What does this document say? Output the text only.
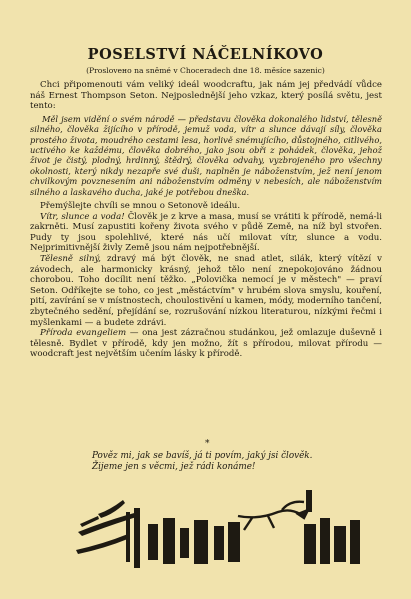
POSELSTVÍ NÁČELNÍKOVO
(Proslovено na sněmé v Choceradech dne 18. měsíce sazenic)

Chci připomenouti vám veliký ideál woodcraftu, jak nám jej předvádí vůdce náš Ernest Thompson Seton. Nejposlednější jeho vzkaz, který posílá světu, jest tento:

Měl jsem vidění o svém národě — představu člověka dokonalého lidství, tělesně silného, člověka žijícího v přírodě, jemuž voda, vítr a slunce dávají síly, člověka prostého života, moudrého cestami lesa, horlivě snémujícího, důstojného, citlivého, uctivého ke každému, člověka dobrého, jako jsou obři z pohádek, člověka, jehož život je čistý, plodný, hrdinný, štědrý, člověka odvahy, vyzbrojeného pro všechny okolnosti, který nikdy nezapře své duši, naplněn je náboženstvím, jež není jenom chvilkovým povznesením ani náboženstvím odměny v nebesích, ale náboženstvím silného a laskavého ducha, jaké je potřebou dneška.

Přemýšlejte chvíli se mnou o Setonově ideálu.

Vítr, slunce a voda! Člověk je z krve a masa, musí se vrátiti k přírodě, nemá-li zakrněti. Musí zapustiti kořeny života svého v půdě Země, na níž byl stvořen. Pudy ty jsou spolehlivé, které nás učí milovat vítr, slunce a vodu. Nejprimitivnější živly Země jsou nám nejpotřebnější.

Tělesně silný, zdravý má být člověk, ne snad atlet, silák, který vítězí v závodech, ale harmonicky krásný, jehož tělo není znepokojováno žádnou chorobou. Toho docílit není těžko. „Polovička nemocí je v městech" — praví Seton. Odříkejte se toho, co jest „městáctvím" v hrubém slova smyslu, kouření, pití, zavírání se v místnostech, choulostivění u kamen, módy, moderního tančení, zbytečného sedění, přejídání se, rozrušování nízkou literaturou, nízkými řečmi i myšlenkami — a budete zdrávi.

Příroda evangeliem — ona jest zázračnou studánkou, jež omlazuje duševně i tělesně. Bydlet v přírodě, kdy jen možno, žít s přírodou, milovat přírodu — woodcraft jest největším učením lásky k přírodě.

*
Pověz mi, jak se bavíš, já ti povím, jaký jsi člověk.
Žijeme jen s věcmi, jež rádi konáme!
